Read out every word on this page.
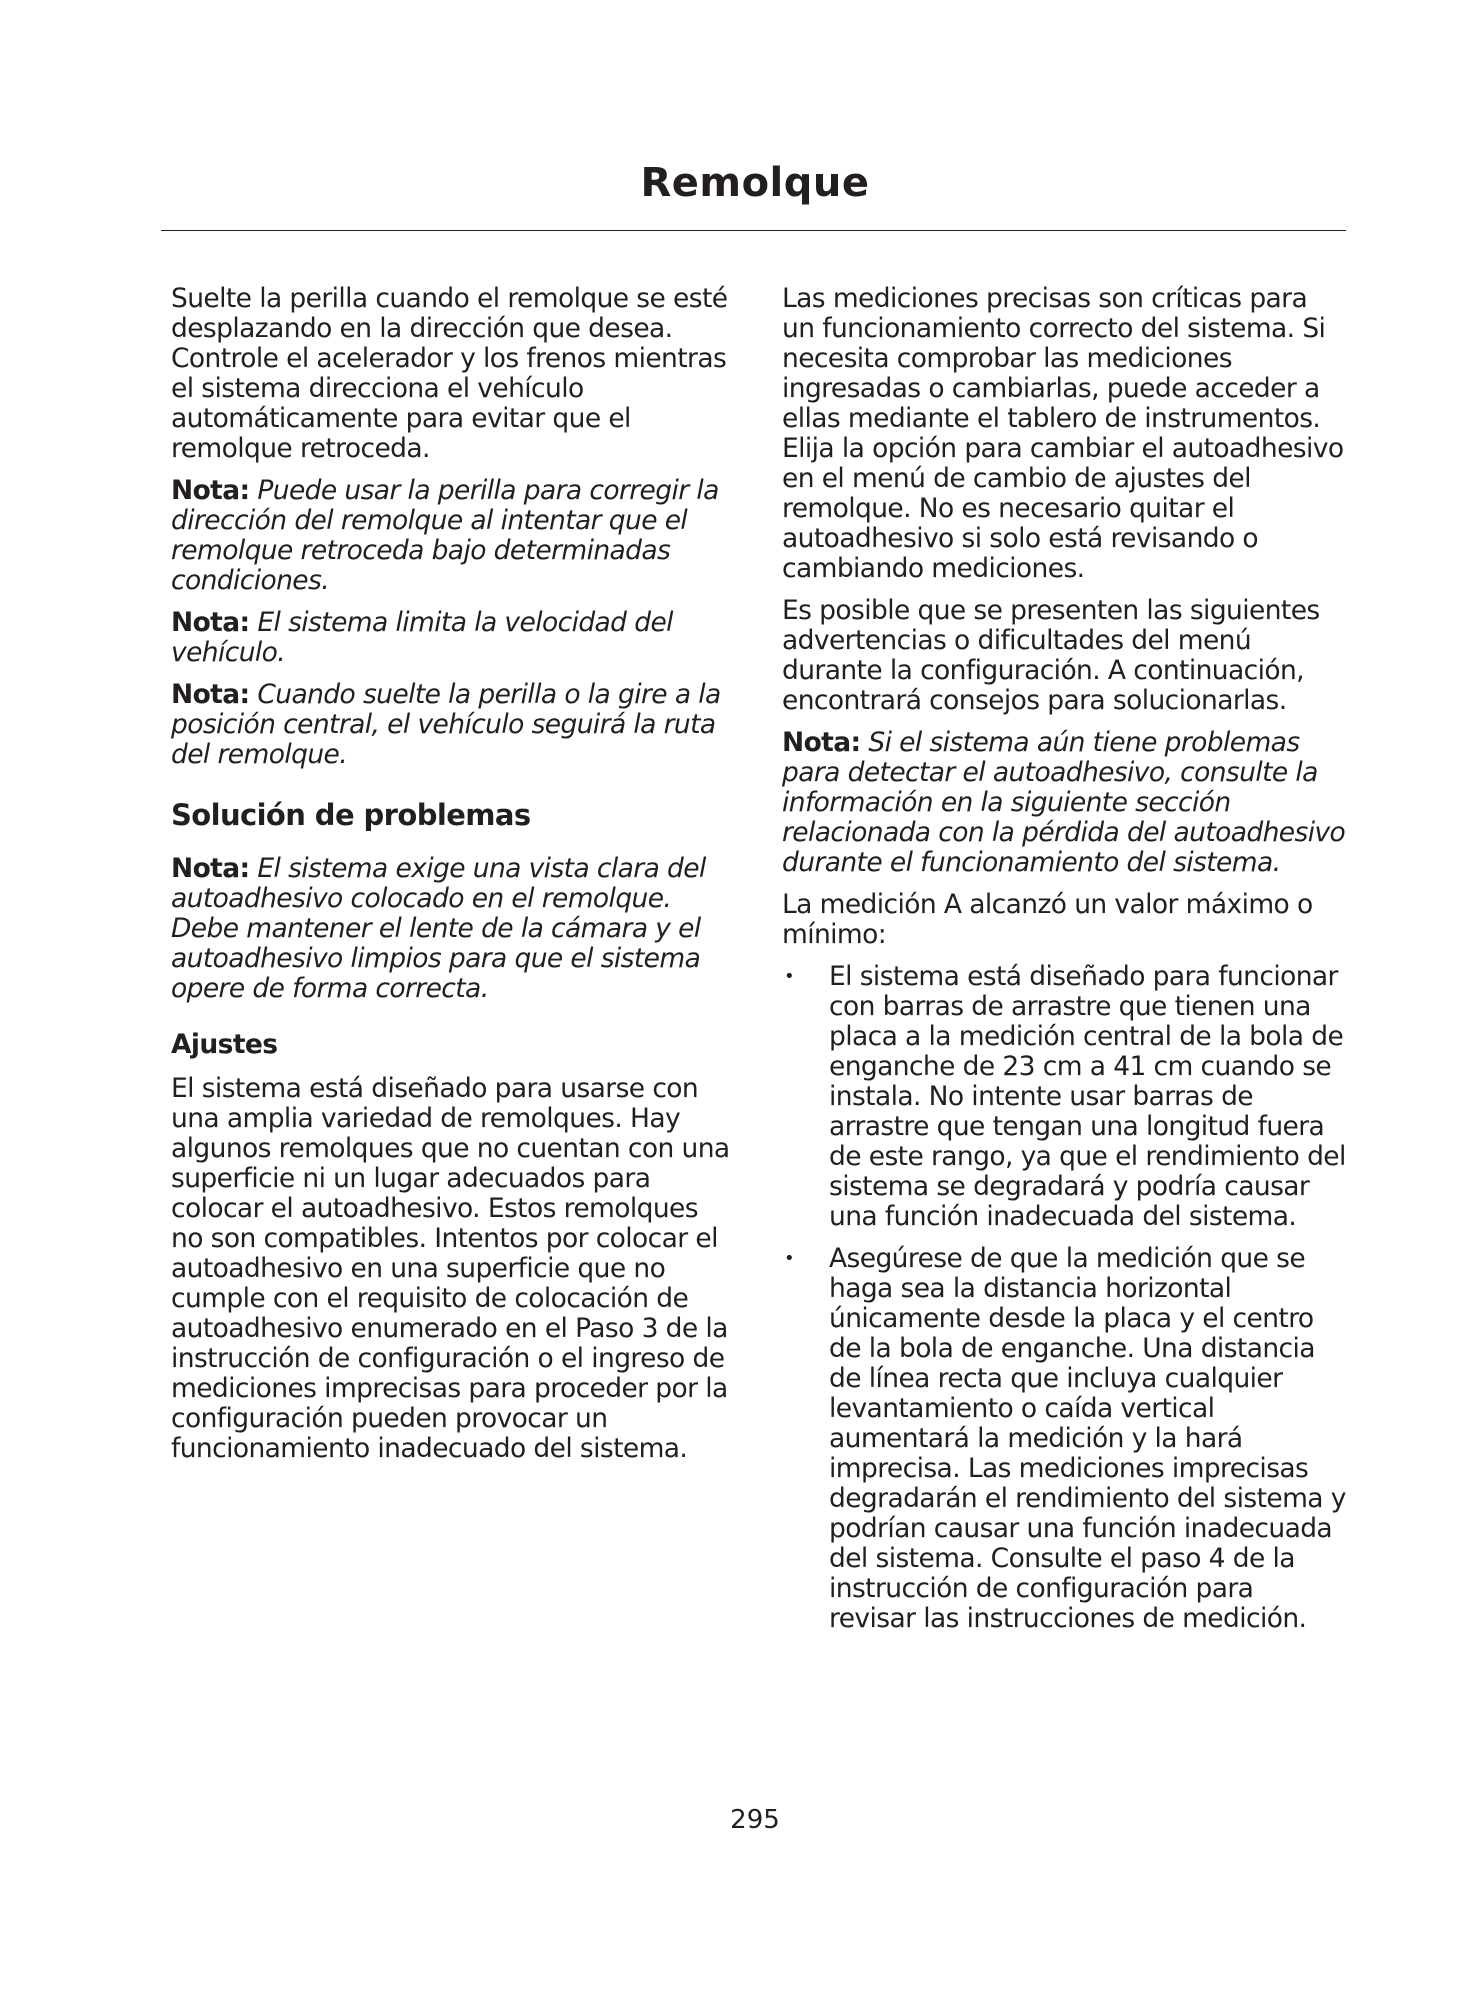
Remolque

Suelte la perilla cuando el remolque se esté desplazando en la dirección que desea. Controle el acelerador y los frenos mientras el sistema direcciona el vehículo automáticamente para evitar que el remolque retroceda.

Nota: Puede usar la perilla para corregir la dirección del remolque al intentar que el remolque retroceda bajo determinadas condiciones.

Nota: El sistema limita la velocidad del vehículo.

Nota: Cuando suelte la perilla o la gire a la posición central, el vehículo seguirá la ruta del remolque.

Solución de problemas

Nota: El sistema exige una vista clara del autoadhesivo colocado en el remolque. Debe mantener el lente de la cámara y el autoadhesivo limpios para que el sistema opere de forma correcta.

Ajustes

El sistema está diseñado para usarse con una amplia variedad de remolques. Hay algunos remolques que no cuentan con una superficie ni un lugar adecuados para colocar el autoadhesivo. Estos remolques no son compatibles. Intentos por colocar el autoadhesivo en una superficie que no cumple con el requisito de colocación de autoadhesivo enumerado en el Paso 3 de la instrucción de configuración o el ingreso de mediciones imprecisas para proceder por la configuración pueden provocar un funcionamiento inadecuado del sistema.

Las mediciones precisas son críticas para un funcionamiento correcto del sistema. Si necesita comprobar las mediciones ingresadas o cambiarlas, puede acceder a ellas mediante el tablero de instrumentos. Elija la opción para cambiar el autoadhesivo en el menú de cambio de ajustes del remolque. No es necesario quitar el autoadhesivo si solo está revisando o cambiando mediciones.

Es posible que se presenten las siguientes advertencias o dificultades del menú durante la configuración. A continuación, encontrará consejos para solucionarlas.

Nota: Si el sistema aún tiene problemas para detectar el autoadhesivo, consulte la información en la siguiente sección relacionada con la pérdida del autoadhesivo durante el funcionamiento del sistema.

La medición A alcanzó un valor máximo o mínimo:

• El sistema está diseñado para funcionar con barras de arrastre que tienen una placa a la medición central de la bola de enganche de 23 cm a 41 cm cuando se instala. No intente usar barras de arrastre que tengan una longitud fuera de este rango, ya que el rendimiento del sistema se degradará y podría causar una función inadecuada del sistema.
• Asegúrese de que la medición que se haga sea la distancia horizontal únicamente desde la placa y el centro de la bola de enganche. Una distancia de línea recta que incluya cualquier levantamiento o caída vertical aumentará la medición y la hará imprecisa. Las mediciones imprecisas degradarán el rendimiento del sistema y podrían causar una función inadecuada del sistema. Consulte el paso 4 de la instrucción de configuración para revisar las instrucciones de medición.
295
